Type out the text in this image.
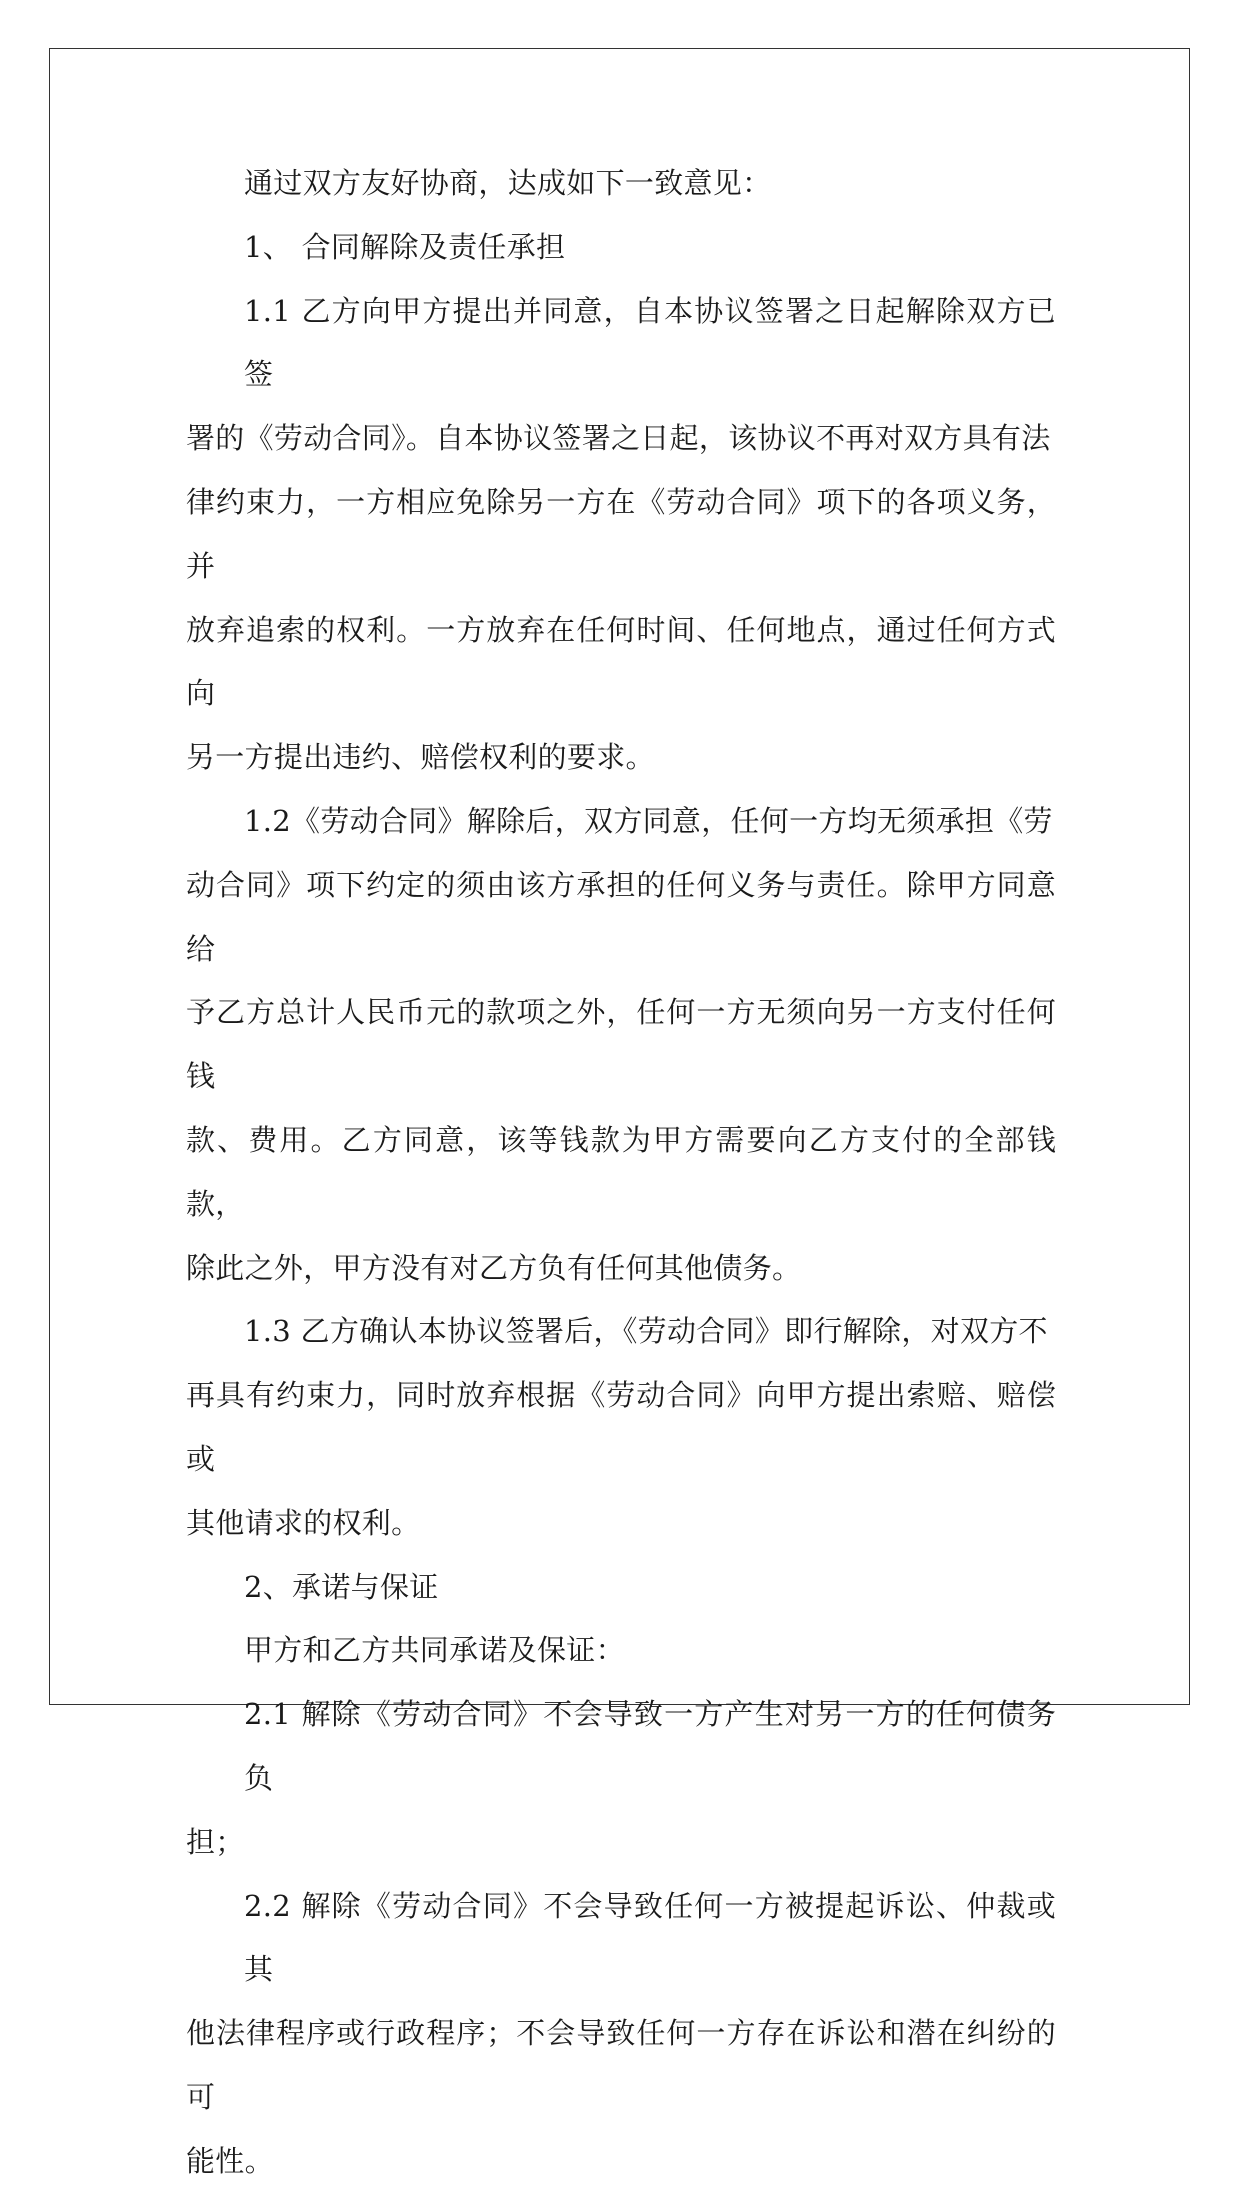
通过双方友好协商，达成如下一致意见：

1、 合同解除及责任承担

1.1 乙方向甲方提出并同意，自本协议签署之日起解除双方已签
署的《劳动合同》。自本协议签署之日起，该协议不再对双方具有法
律约束力，一方相应免除另一方在《劳动合同》项下的各项义务，并
放弃追索的权利。一方放弃在任何时间、任何地点，通过任何方式向
另一方提出违约、赔偿权利的要求。

1.2《劳动合同》解除后，双方同意，任何一方均无须承担《劳
动合同》项下约定的须由该方承担的任何义务与责任。除甲方同意给
予乙方总计人民币元的款项之外，任何一方无须向另一方支付任何钱
款、费用。乙方同意，该等钱款为甲方需要向乙方支付的全部钱款，
除此之外，甲方没有对乙方负有任何其他债务。

1.3 乙方确认本协议签署后，《劳动合同》即行解除，对双方不
再具有约束力，同时放弃根据《劳动合同》向甲方提出索赔、赔偿或
其他请求的权利。

2、承诺与保证

甲方和乙方共同承诺及保证：

2.1 解除《劳动合同》不会导致一方产生对另一方的任何债务负
担；

2.2 解除《劳动合同》不会导致任何一方被提起诉讼、仲裁或其
他法律程序或行政程序；不会导致任何一方存在诉讼和潜在纠纷的可
能性。
